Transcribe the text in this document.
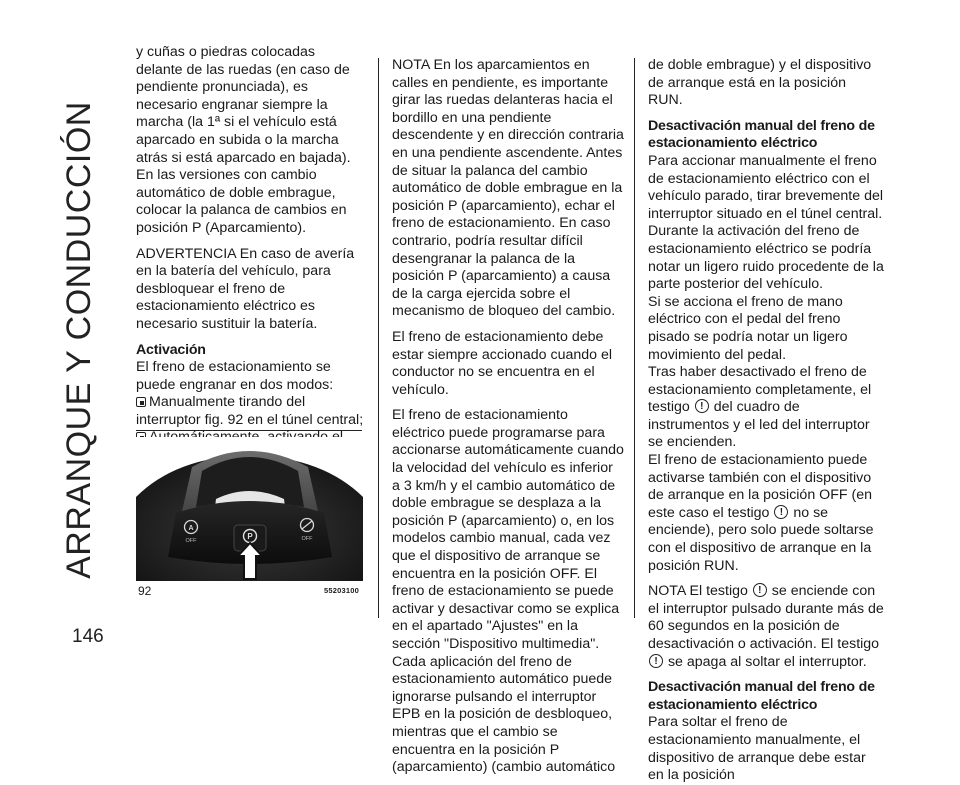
ARRANQUE Y CONDUCCIÓN
146

y cuñas o piedras colocadas delante de las ruedas (en caso de pendiente pronunciada), es necesario engranar siempre la marcha (la 1ª si el vehículo está aparcado en subida o la marcha atrás si está aparcado en bajada). En las versiones con cambio automático de doble embrague, colocar la palanca de cambios en posición P (Aparcamiento).

ADVERTENCIA En caso de avería en la batería del vehículo, para desbloquear el freno de estacionamiento eléctrico es necesario sustituir la batería.

Activación

El freno de estacionamiento se puede engranar en dos modos:

Manualmente tirando del interruptor fig. 92 en el túnel central;
A
OFF	OFF
P
92	55203100

NOTA En los aparcamientos en calles en pendiente, es importante girar las ruedas delanteras hacia el bordillo en una pendiente descendente y en dirección contraria en una pendiente ascendente. Antes de situar la palanca del cambio automático de doble embrague en la posición P (aparcamiento), echar el freno de estacionamiento. En caso contrario, podría resultar difícil desengranar la palanca de la posición P (aparcamiento) a causa de la carga ejercida sobre el mecanismo de bloqueo del cambio.

El freno de estacionamiento debe estar siempre accionado cuando el conductor no se encuentra en el vehículo.

El freno de estacionamiento eléctrico puede programarse para accionarse automáticamente cuando la velocidad del vehículo es inferior a 3 km/h y el cambio automático de doble embrague se desplaza a la posición P (aparcamiento) o, en los modelos cambio manual, cada vez que el dispositivo de arranque se encuentra en la posición OFF. El freno de estacionamiento se puede activar y desactivar como se explica en el apartado "Ajustes" en la sección "Dispositivo multimedia".

Cada aplicación del freno de estacionamiento automático puede ignorarse pulsando el interruptor EPB en la posición de desbloqueo, mientras que el cambio se encuentra en la posición P (aparcamiento) (cambio automático

de doble embrague) y el dispositivo de arranque está en la posición RUN.

Desactivación manual del freno de estacionamiento eléctrico

Para accionar manualmente el freno de estacionamiento eléctrico con el vehículo parado, tirar brevemente del interruptor situado en el túnel central.

Durante la activación del freno de estacionamiento eléctrico se podría notar un ligero ruido procedente de la parte posterior del vehículo.

Si se acciona el freno de mano eléctrico con el pedal del freno pisado se podría notar un ligero movimiento del pedal.

Tras haber desactivado el freno de estacionamiento completamente, el testigo ! del cuadro de instrumentos y el led del interruptor se encienden.

El freno de estacionamiento puede activarse también con el dispositivo de arranque en la posición OFF (en este caso el testigo ! no se enciende), pero solo puede soltarse con el dispositivo de arranque en la posición RUN.

NOTA El testigo ! se enciende con el interruptor pulsado durante más de 60 segundos en la posición de desactivación o activación. El testigo ! se apaga al soltar el interruptor.

Desactivación manual del freno de estacionamiento eléctrico

Para soltar el freno de estacionamiento manualmente, el dispositivo de arranque debe estar en la posición
